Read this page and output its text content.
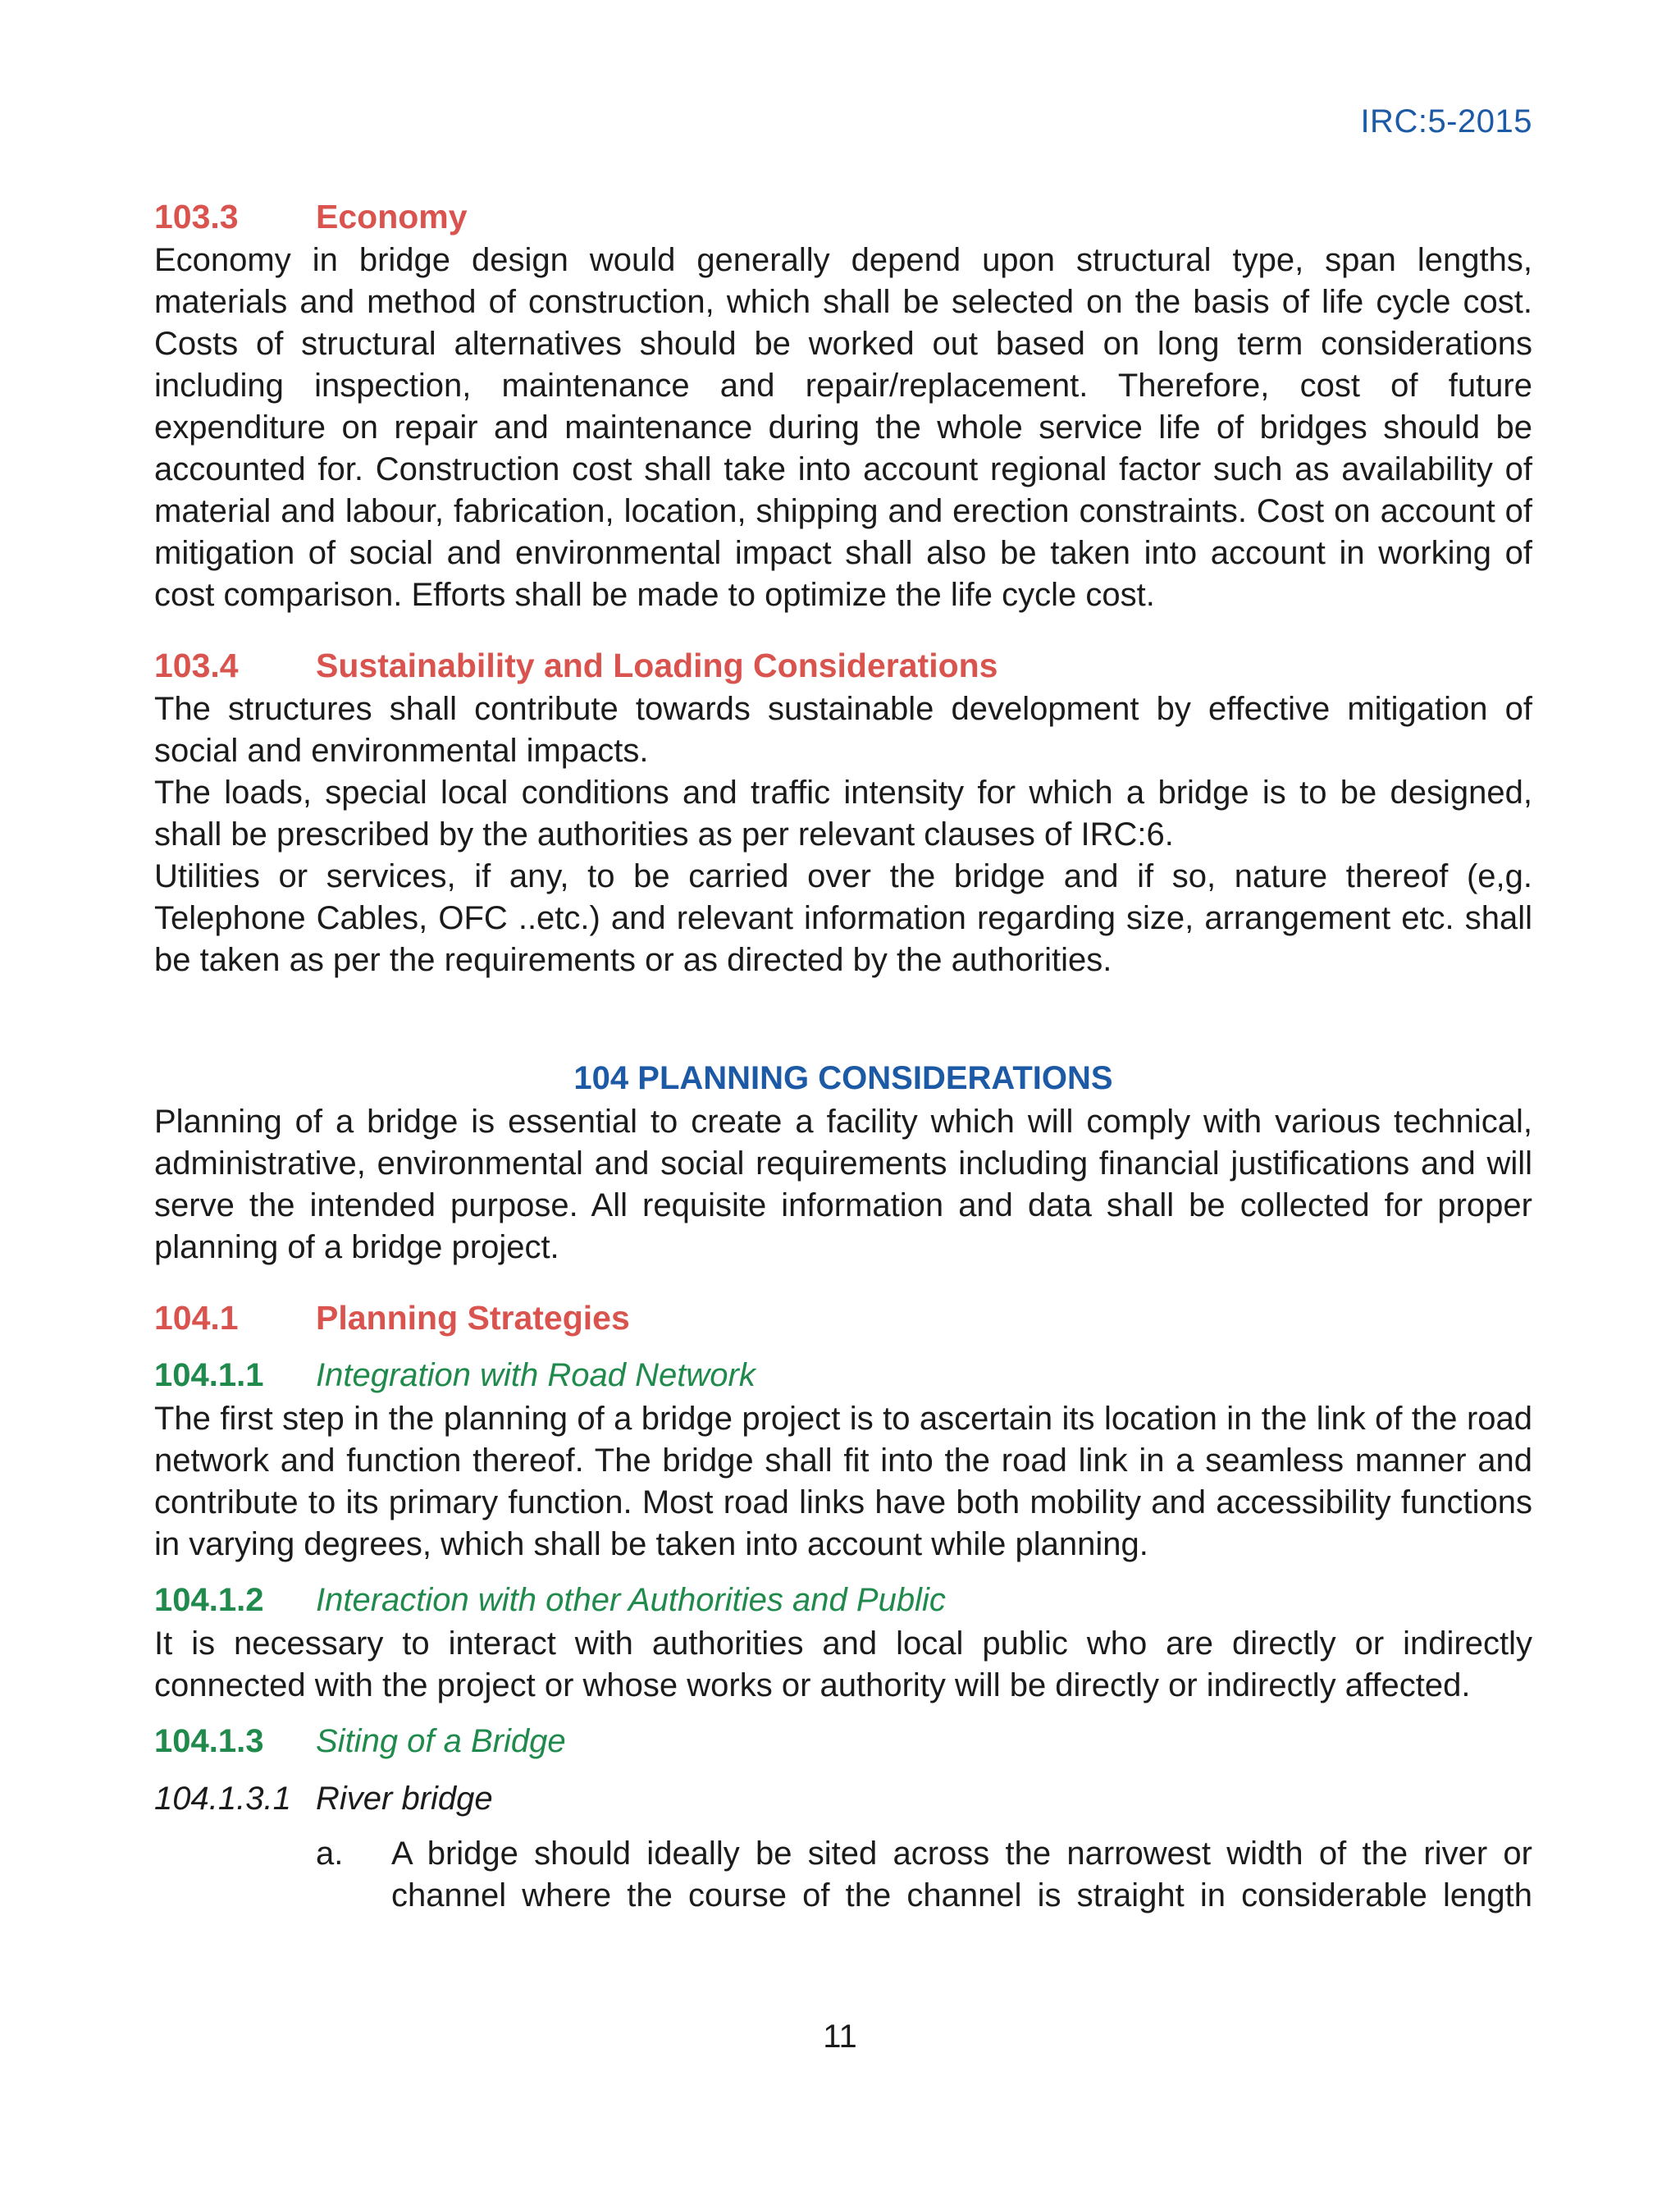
IRC:5-2015
103.3	Economy

Economy in bridge design would generally depend upon structural type, span lengths, materials and method of construction, which shall be selected on the basis of life cycle cost. Costs of structural alternatives should be worked out based on long term considerations including inspection, maintenance and repair/replacement. Therefore, cost of future expenditure on repair and maintenance during the whole service life of bridges should be accounted for. Construction cost shall take into account regional factor such as availability of material and labour, fabrication, location, shipping and erection constraints. Cost on account of mitigation of social and environmental impact shall also be taken into account in working of cost comparison. Efforts shall be made to optimize the life cycle cost.

103.4	Sustainability and Loading Considerations

The structures shall contribute towards sustainable development by effective mitigation of social and environmental impacts.

The loads, special local conditions and traffic intensity for which a bridge is to be designed, shall be prescribed by the authorities as per relevant clauses of IRC:6.

Utilities or services, if any, to be carried over the bridge and if so, nature thereof (e,g. Telephone Cables, OFC ..etc.) and relevant information regarding size, arrangement etc. shall be taken as per the requirements or as directed by the authorities.

104 PLANNING CONSIDERATIONS

Planning of a bridge is essential to create a facility which will comply with various technical, administrative, environmental and social requirements including financial justifications and will serve the intended purpose. All requisite information and data shall be collected for proper planning of a bridge project.

104.1	Planning Strategies
104.1.1	Integration with Road Network

The first step in the planning of a bridge project is to ascertain its location in the link of the road network and function thereof. The bridge shall fit into the road link in a seamless manner and contribute to its primary function. Most road links have both mobility and accessibility functions in varying degrees, which shall be taken into account while planning.

104.1.2	Interaction with other Authorities and Public

It is necessary to interact with authorities and local public who are directly or indirectly connected with the project or whose works or authority will be directly or indirectly affected.

104.1.3	Siting of a Bridge
104.1.3.1 River bridge
a.	A bridge should ideally be sited across the narrowest width of the river or
channel where the course of the channel is straight in considerable length
11
